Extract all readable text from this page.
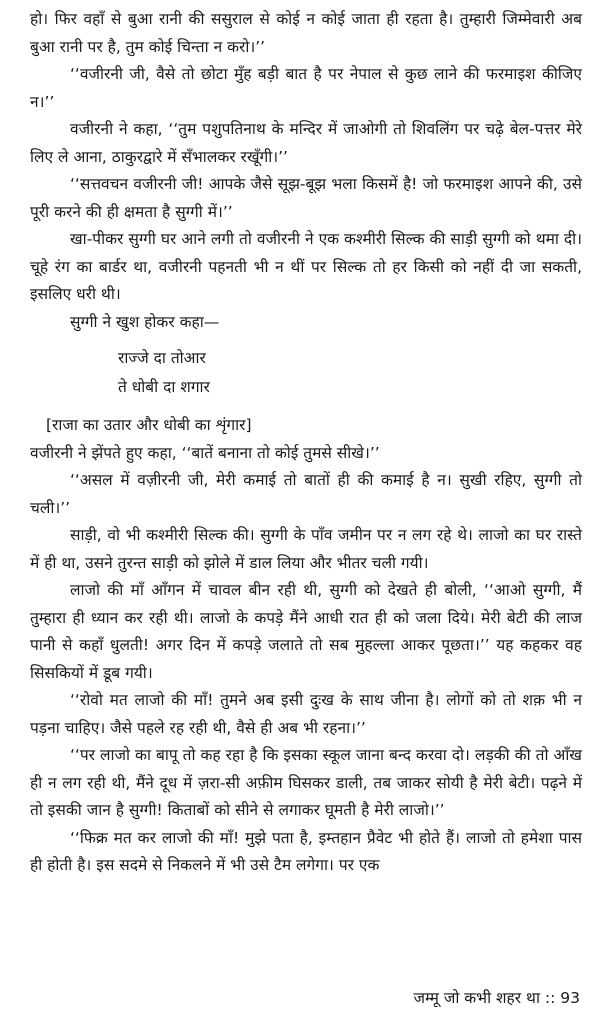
हो। फिर वहाँ से बुआ रानी की ससुराल से कोई न कोई जाता ही रहता है। तुम्हारी जिम्मेवारी अब बुआ रानी पर है, तुम कोई चिन्ता न करो।’’

‘‘वजीरनी जी, वैसे तो छोटा मुँह बड़ी बात है पर नेपाल से कुछ लाने की फरमाइश कीजिए न।’’

वजीरनी ने कहा, ‘‘तुम पशुपतिनाथ के मन्दिर में जाओगी तो शिवलिंग पर चढ़े बेल-पत्तर मेरे लिए ले आना, ठाकुरद्वारे में सँभालकर रखूँगी।’’

‘‘सत्तवचन वजीरनी जी! आपके जैसे सूझ-बूझ भला किसमें है! जो फरमाइश आपने की, उसे पूरी करने की ही क्षमता है सुग्गी में।’’

खा-पीकर सुग्गी घर आने लगी तो वजीरनी ने एक कश्मीरी सिल्क की साड़ी सुग्गी को थमा दी। चूहे रंग का बार्डर था, वजीरनी पहनती भी न थीं पर सिल्क तो हर किसी को नहीं दी जा सकती, इसलिए धरी थी।

सुग्गी ने खुश होकर कहा—

राज्जे दा तोआर
ते धोबी दा शगार

[राजा का उतार और धोबी का शृंगार]

वजीरनी ने झेंपते हुए कहा, ‘‘बातें बनाना तो कोई तुमसे सीखे।’’

‘‘असल में वज़ीरनी जी, मेरी कमाई तो बातों ही की कमाई है न। सुखी रहिए, सुग्गी तो चली।’’

साड़ी, वो भी कश्मीरी सिल्क की। सुग्गी के पाँव जमीन पर न लग रहे थे। लाजो का घर रास्ते में ही था, उसने तुरन्त साड़ी को झोले में डाल लिया और भीतर चली गयी।

लाजो की माँ आँगन में चावल बीन रही थी, सुग्गी को देखते ही बोली, ‘‘आओ सुग्गी, मैं तुम्हारा ही ध्यान कर रही थी। लाजो के कपड़े मैंने आधी रात ही को जला दिये। मेरी बेटी की लाज पानी से कहाँ धुलती! अगर दिन में कपड़े जलाते तो सब मुहल्ला आकर पूछता।’’ यह कहकर वह सिसकियों में डूब गयी।

‘‘रोवो मत लाजो की माँ! तुमने अब इसी दुःख के साथ जीना है। लोगों को तो शक़ भी न पड़ना चाहिए। जैसे पहले रह रही थी, वैसे ही अब भी रहना।’’

‘‘पर लाजो का बापू तो कह रहा है कि इसका स्कूल जाना बन्द करवा दो। लड़की की तो आँख ही न लग रही थी, मैंने दूध में ज़रा-सी अफ़ीम घिसकर डाली, तब जाकर सोयी है मेरी बेटी। पढ़ने में तो इसकी जान है सुग्गी! किताबों को सीने से लगाकर घूमती है मेरी लाजो।’’

‘‘फिक्र मत कर लाजो की माँ! मुझे पता है, इम्तहान प्रैवेट भी होते हैं। लाजो तो हमेशा पास ही होती है। इस सदमे से निकलने में भी उसे टैम लगेगा। पर एक

जम्मू जो कभी शहर था :: 93
